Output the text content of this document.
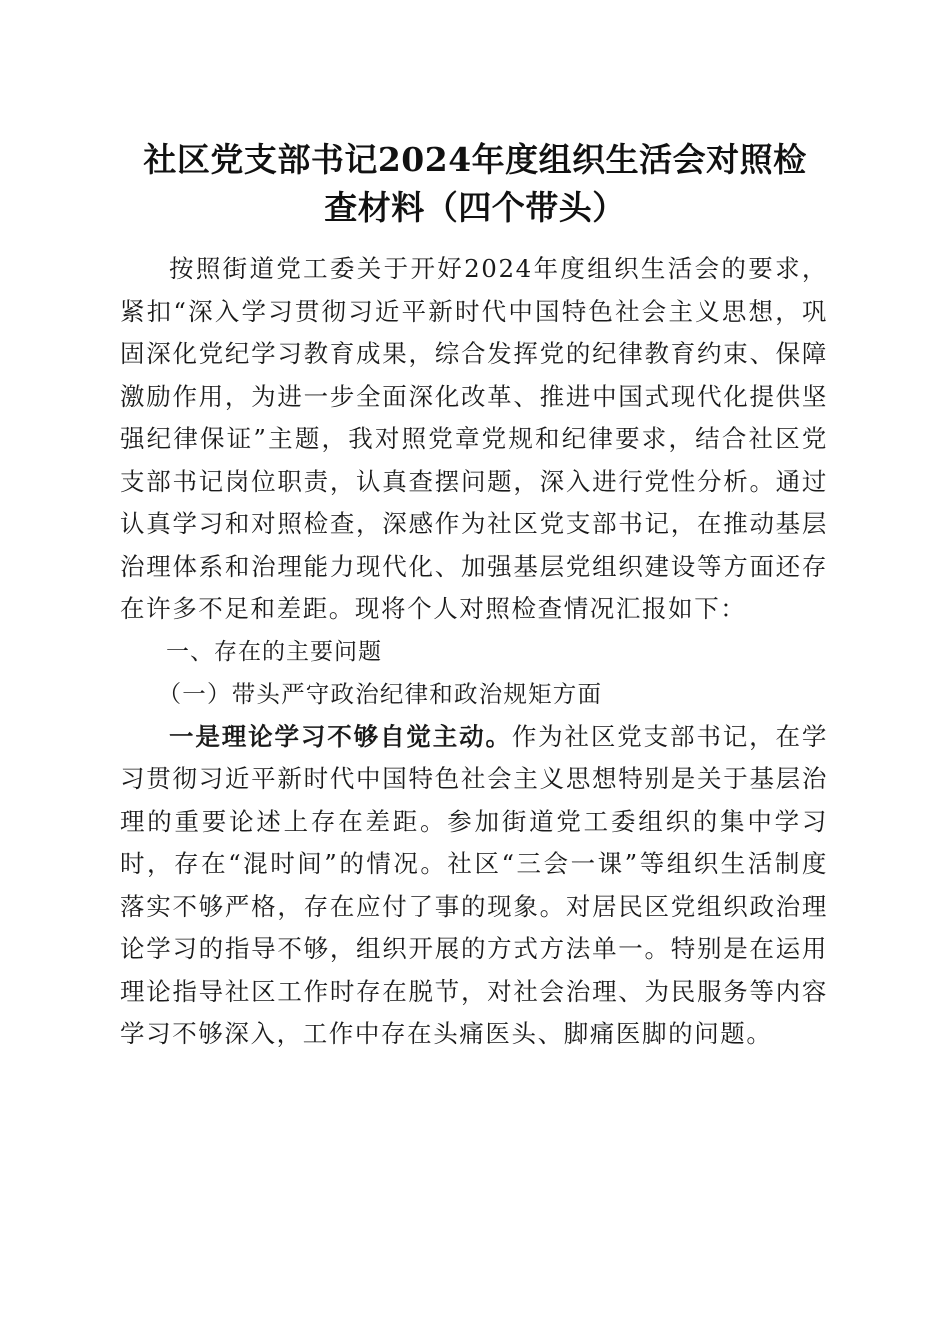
社区党支部书记2024年度组织生活会对照检
查材料（四个带头）

按照街道党工委关于开好2024年度组织生活会的要求，紧扣“深入学习贯彻习近平新时代中国特色社会主义思想，巩固深化党纪学习教育成果，综合发挥党的纪律教育约束、保障激励作用，为进一步全面深化改革、推进中国式现代化提供坚强纪律保证”主题，我对照党章党规和纪律要求，结合社区党支部书记岗位职责，认真查摆问题，深入进行党性分析。通过认真学习和对照检查，深感作为社区党支部书记，在推动基层治理体系和治理能力现代化、加强基层党组织建设等方面还存在许多不足和差距。现将个人对照检查情况汇报如下：

一、存在的主要问题

（一）带头严守政治纪律和政治规矩方面

一是理论学习不够自觉主动。作为社区党支部书记，在学习贯彻习近平新时代中国特色社会主义思想特别是关于基层治理的重要论述上存在差距。参加街道党工委组织的集中学习时，存在“混时间”的情况。社区“三会一课”等组织生活制度落实不够严格，存在应付了事的现象。对居民区党组织政治理论学习的指导不够，组织开展的方式方法单一。特别是在运用理论指导社区工作时存在脱节，对社会治理、为民服务等内容学习不够深入，工作中存在头痛医头、脚痛医脚的问题。
